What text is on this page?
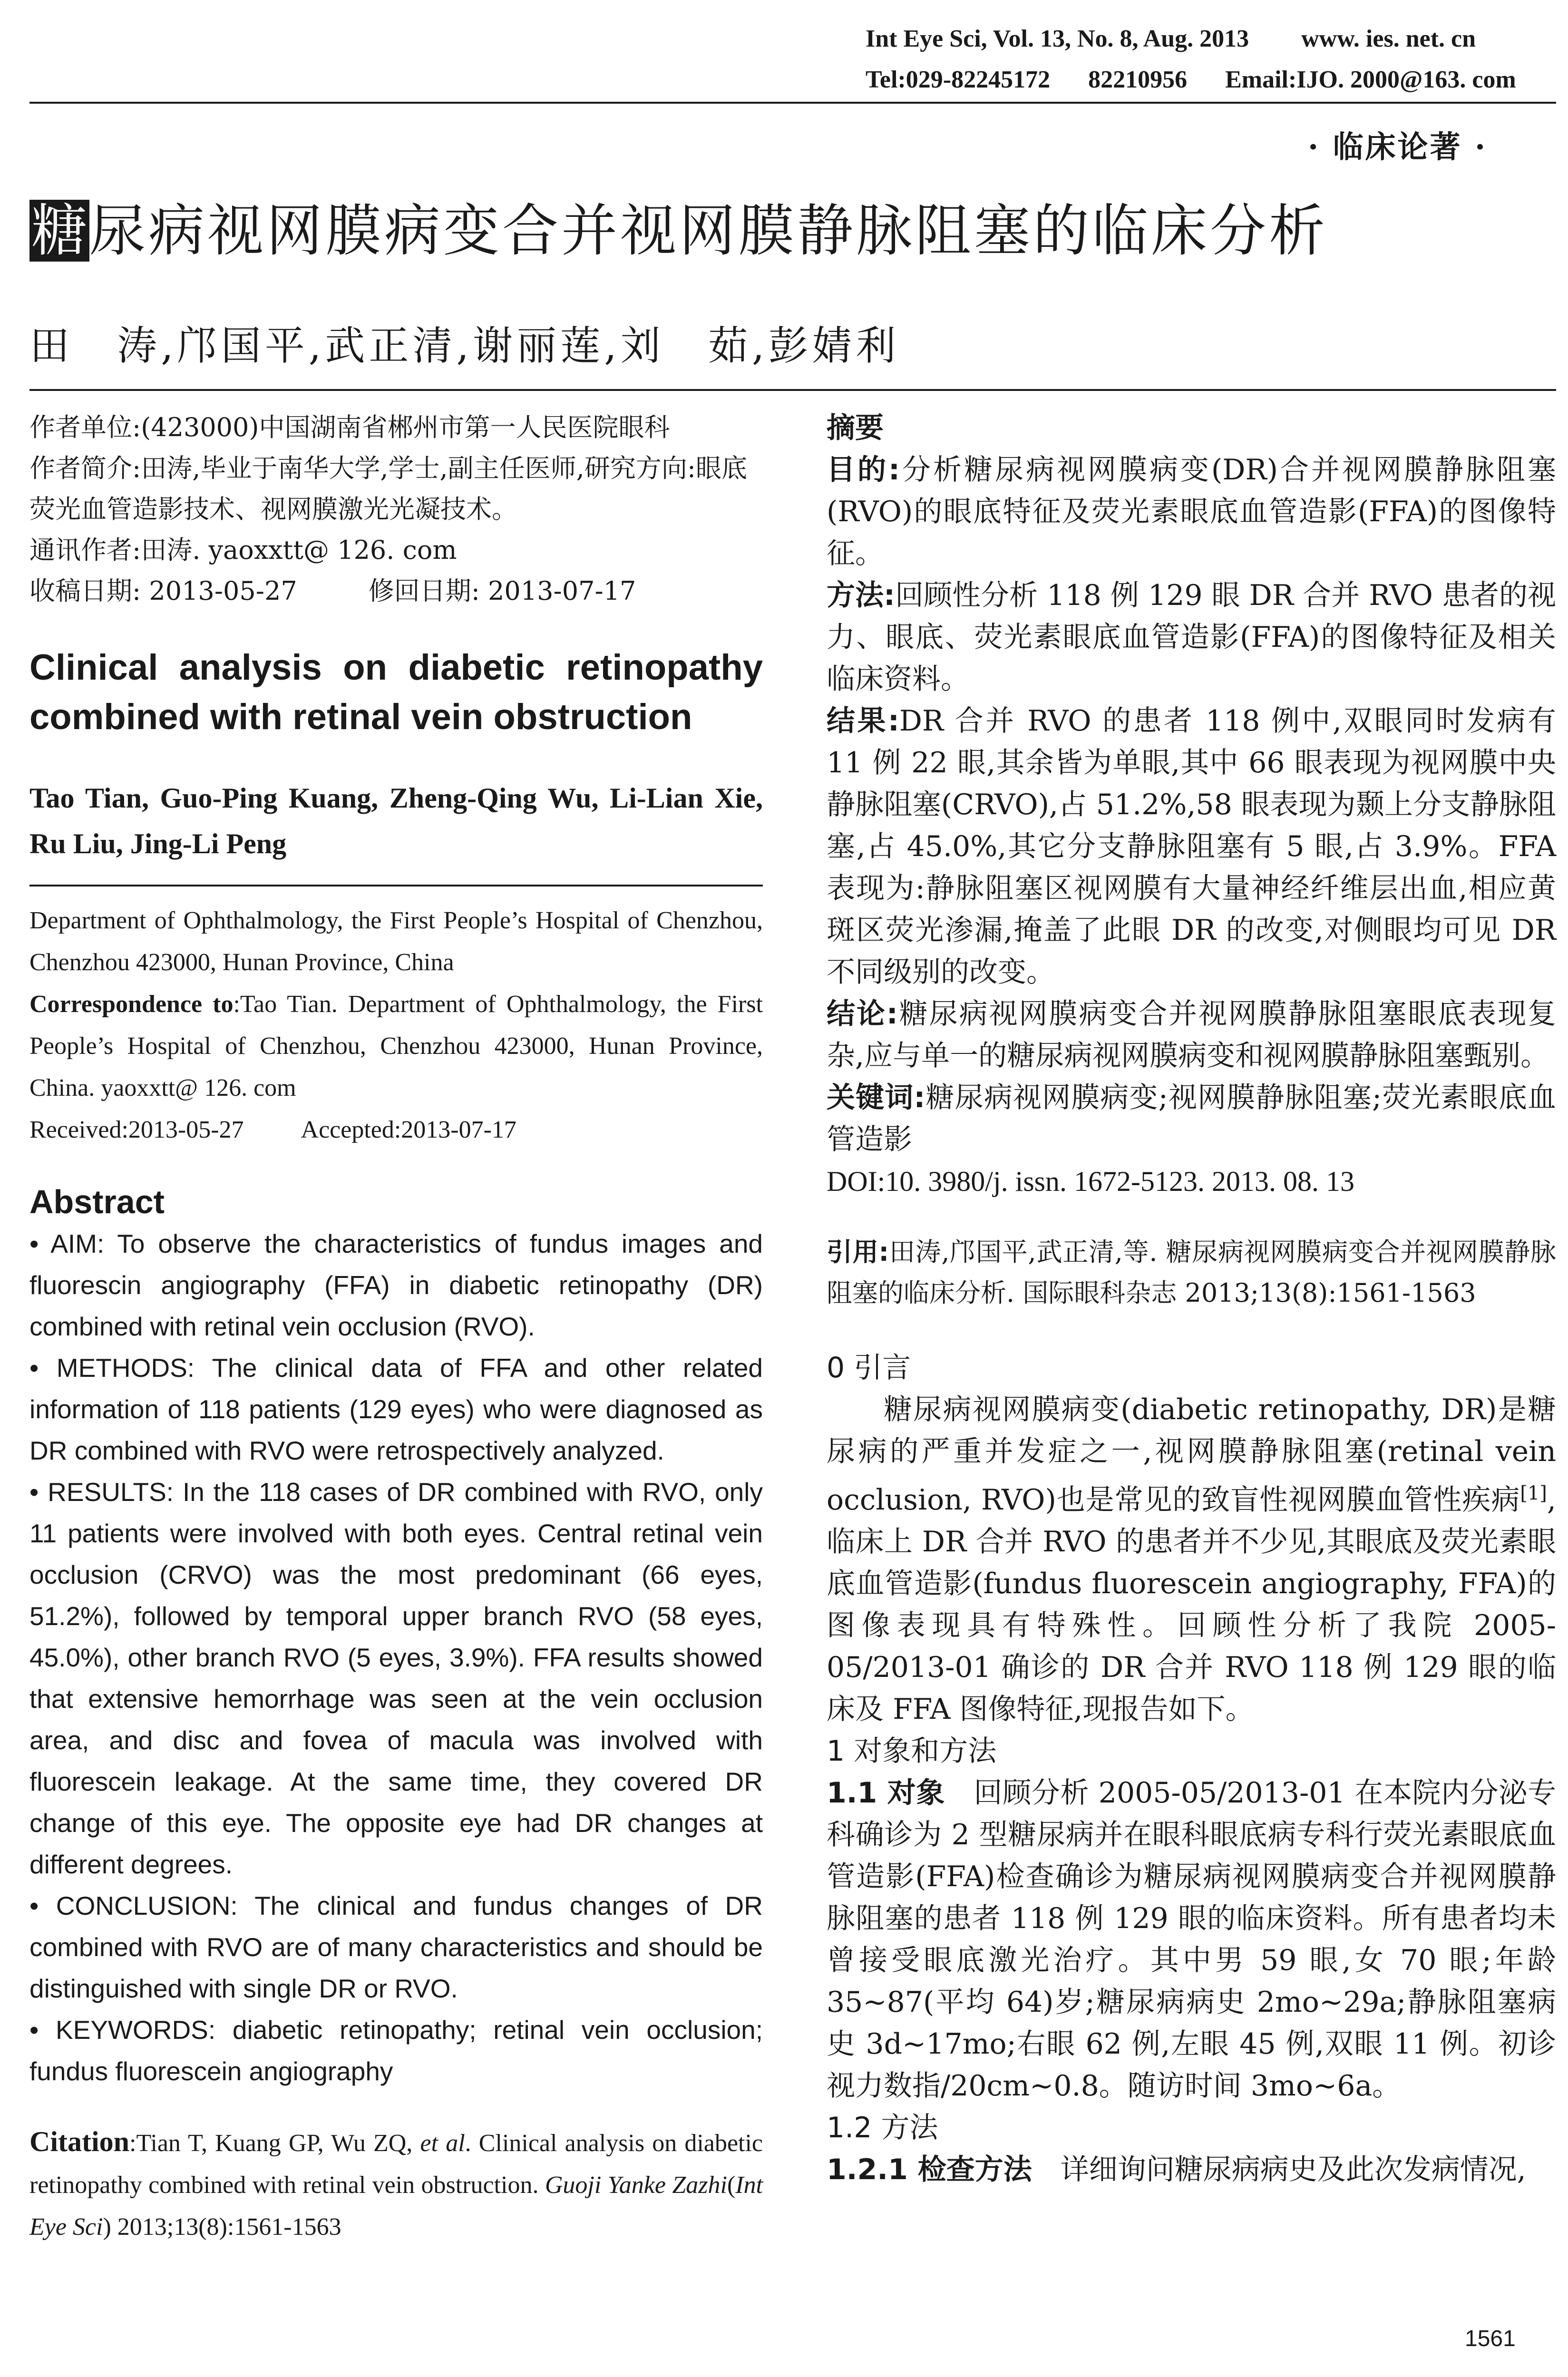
Int Eye Sci, Vol. 13, No. 8, Aug. 2013 www. ies. net. cn
Tel:029-82245172 82210956 Email:IJO. 2000@163. com
· 临床论著 ·
糖尿病视网膜病变合并视网膜静脉阻塞的临床分析
田　涛,邝国平,武正清,谢丽莲,刘　茹,彭婧利
作者单位:(423000)中国湖南省郴州市第一人民医院眼科
作者简介:田涛,毕业于南华大学,学士,副主任医师,研究方向:眼底荧光血管造影技术、视网膜激光光凝技术。
通讯作者:田涛. yaoxxtt@ 126. com
收稿日期: 2013-05-27	修回日期: 2013-07-17
Clinical analysis on diabetic retinopathy combined with retinal vein obstruction
Tao Tian, Guo-Ping Kuang, Zheng-Qing Wu, Li-Lian Xie, Ru Liu, Jing-Li Peng
Department of Ophthalmology, the First People’s Hospital of Chenzhou, Chenzhou 423000, Hunan Province, China
Correspondence to:Tao Tian. Department of Ophthalmology, the First People’s Hospital of Chenzhou, Chenzhou 423000, Hunan Province, China. yaoxxtt@ 126. com
Received:2013-05-27 Accepted:2013-07-17
Abstract
• AIM: To observe the characteristics of fundus images and fluorescin angiography (FFA) in diabetic retinopathy (DR) combined with retinal vein occlusion (RVO).
• METHODS: The clinical data of FFA and other related information of 118 patients (129 eyes) who were diagnosed as DR combined with RVO were retrospectively analyzed.
• RESULTS: In the 118 cases of DR combined with RVO, only 11 patients were involved with both eyes. Central retinal vein occlusion (CRVO) was the most predominant (66 eyes, 51.2%), followed by temporal upper branch RVO (58 eyes, 45.0%), other branch RVO (5 eyes, 3.9%). FFA results showed that extensive hemorrhage was seen at the vein occlusion area, and disc and fovea of macula was involved with fluorescein leakage. At the same time, they covered DR change of this eye. The opposite eye had DR changes at different degrees.
• CONCLUSION: The clinical and fundus changes of DR combined with RVO are of many characteristics and should be distinguished with single DR or RVO.
• KEYWORDS: diabetic retinopathy; retinal vein occlusion; fundus fluorescein angiography
Citation:Tian T, Kuang GP, Wu ZQ, et al. Clinical analysis on diabetic retinopathy combined with retinal vein obstruction. Guoji Yanke Zazhi(Int Eye Sci) 2013;13(8):1561-1563
摘要
目的:分析糖尿病视网膜病变(DR)合并视网膜静脉阻塞(RVO)的眼底特征及荧光素眼底血管造影(FFA)的图像特征。
方法:回顾性分析 118 例 129 眼 DR 合并 RVO 患者的视力、眼底、荧光素眼底血管造影(FFA)的图像特征及相关临床资料。
结果:DR 合并 RVO 的患者 118 例中,双眼同时发病有 11 例 22 眼,其余皆为单眼,其中 66 眼表现为视网膜中央静脉阻塞(CRVO),占 51.2%,58 眼表现为颞上分支静脉阻塞,占 45.0%,其它分支静脉阻塞有 5 眼,占 3.9%。FFA 表现为:静脉阻塞区视网膜有大量神经纤维层出血,相应黄斑区荧光渗漏,掩盖了此眼 DR 的改变,对侧眼均可见 DR 不同级别的改变。
结论:糖尿病视网膜病变合并视网膜静脉阻塞眼底表现复杂,应与单一的糖尿病视网膜病变和视网膜静脉阻塞甄别。
关键词:糖尿病视网膜病变;视网膜静脉阻塞;荧光素眼底血管造影
DOI:10. 3980/j. issn. 1672-5123. 2013. 08. 13
引用:田涛,邝国平,武正清,等. 糖尿病视网膜病变合并视网膜静脉阻塞的临床分析. 国际眼科杂志 2013;13(8):1561-1563
0 引言
糖尿病视网膜病变(diabetic retinopathy, DR)是糖尿病的严重并发症之一,视网膜静脉阻塞(retinal vein occlusion, RVO)也是常见的致盲性视网膜血管性疾病[1],临床上 DR 合并 RVO 的患者并不少见,其眼底及荧光素眼底血管造影(fundus fluorescein angiography, FFA)的图像表现具有特殊性。回顾性分析了我院 2005-05/2013-01 确诊的 DR 合并 RVO 118 例 129 眼的临床及 FFA 图像特征,现报告如下。
1 对象和方法
1.1 对象　 回顾分析 2005-05/2013-01 在本院内分泌专科确诊为 2 型糖尿病并在眼科眼底病专科行荧光素眼底血管造影(FFA)检查确诊为糖尿病视网膜病变合并视网膜静脉阻塞的患者 118 例 129 眼的临床资料。所有患者均未曾接受眼底激光治疗。其中男 59 眼,女 70 眼;年龄 35~87(平均 64)岁;糖尿病病史 2mo~29a;静脉阻塞病史 3d~17mo;右眼 62 例,左眼 45 例,双眼 11 例。初诊视力数指/20cm~0.8。随访时间 3mo~6a。
1.2 方法
1.2.1 检查方法　 详细询问糖尿病病史及此次发病情况,
1561
